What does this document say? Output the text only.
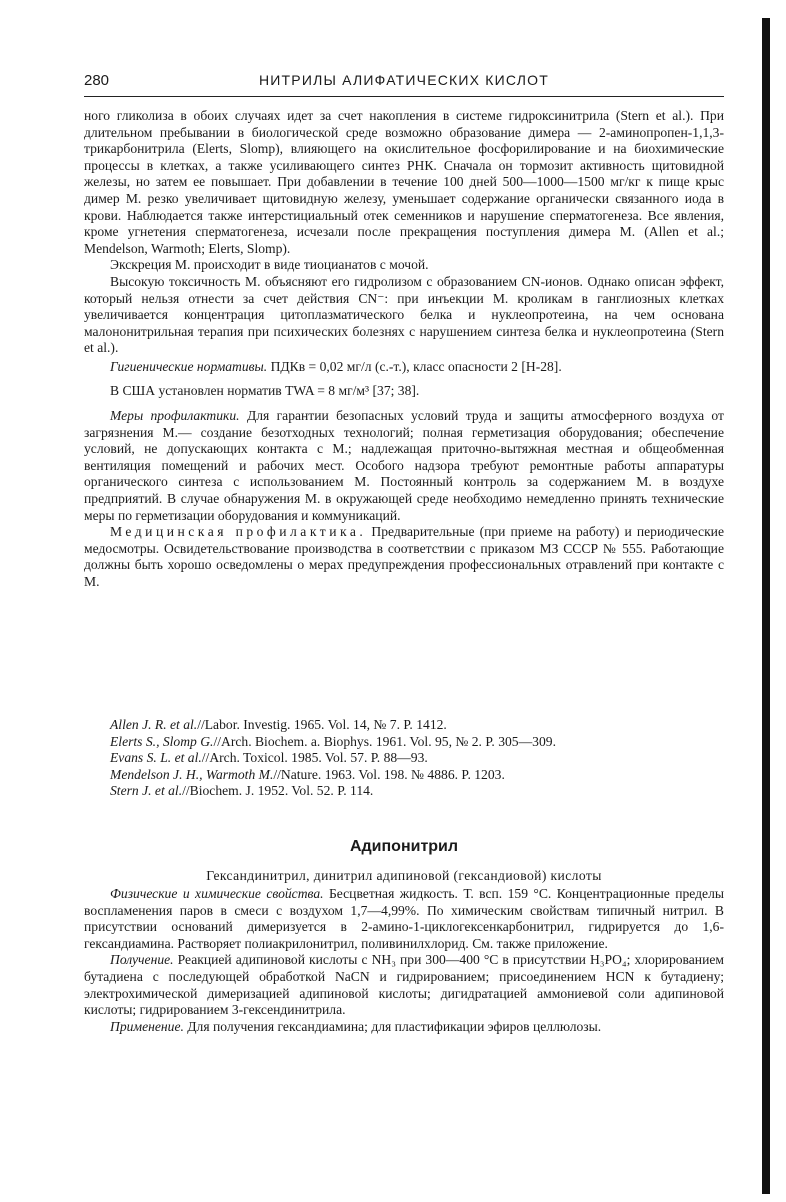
280	НИТРИЛЫ АЛИФАТИЧЕСКИХ КИСЛОТ

ного гликолиза в обоих случаях идет за счет накопления в системе гидроксинитрила (Stern et al.). При длительном пребывании в биологической среде возможно образование димера — 2-аминопропен-1,1,3-трикарбонитрила (Elerts, Slomp), влияющего на окислительное фосфорилирование и на биохимические процессы в клетках, а также усиливающего синтез РНК. Сначала он тормозит активность щитовидной железы, но затем ее повышает. При добавлении в течение 100 дней 500—1000—1500 мг/кг к пище крыс димер М. резко увеличивает щитовидную железу, уменьшает содержание органически связанного иода в крови. Наблюдается также интерстициальный отек семенников и нарушение сперматогенеза. Все явления, кроме угнетения сперматогенеза, исчезали после прекращения поступления димера М. (Allen et al.; Mendelson, Warmoth; Elerts, Slomp).

Экскреция М. происходит в виде тиоцианатов с мочой.

Высокую токсичность М. объясняют его гидролизом с образованием CN-ионов. Однако описан эффект, который нельзя отнести за счет действия CN⁻: при инъекции М. кроликам в ганглиозных клетках увеличивается концентрация цитоплазматического белка и нуклеопротеина, на чем основана малононитрильная терапия при психических болезнях с нарушением синтеза белка и нуклеопротеина (Stern et al.).

Гигиенические нормативы. ПДКв = 0,02 мг/л (с.-т.), класс опасности 2 [Н-28].

В США установлен норматив TWA = 8 мг/м³ [37; 38].

Меры профилактики. Для гарантии безопасных условий труда и защиты атмосферного воздуха от загрязнения М.— создание безотходных технологий; полная герметизация оборудования; обеспечение условий, не допускающих контакта с М.; надлежащая приточно-вытяжная местная и общеобменная вентиляция помещений и рабочих мест. Особого надзора требуют ремонтные работы аппаратуры органического синтеза с использованием М. Постоянный контроль за содержанием М. в воздухе предприятий. В случае обнаружения М. в окружающей среде необходимо немедленно принять технические меры по герметизации оборудования и коммуникаций.

Медицинская профилактика. Предварительные (при приеме на работу) и периодические медосмотры. Освидетельствование производства в соответствии с приказом МЗ СССР № 555. Работающие должны быть хорошо осведомлены о мерах предупреждения профессиональных отравлений при контакте с М.

Allen J. R. et al.//Labor. Investig. 1965. Vol. 14, № 7. P. 1412.
Elerts S., Slomp G.//Arch. Biochem. a. Biophys. 1961. Vol. 95, № 2. P. 305—309.
Evans S. L. et al.//Arch. Toxicol. 1985. Vol. 57. P. 88—93.
Mendelson J. H., Warmoth M.//Nature. 1963. Vol. 198. № 4886. P. 1203.
Stern J. et al.//Biochem. J. 1952. Vol. 52. P. 114.
Адипонитрил
Гександинитрил, динитрил адипиновой (гександиовой) кислоты

Физические и химические свойства. Бесцветная жидкость. Т. всп. 159 °С. Концентрационные пределы воспламенения паров в смеси с воздухом 1,7—4,99%. По химическим свойствам типичный нитрил. В присутствии оснований димеризуется в 2-амино-1-циклогексенкарбонитрил, гидрируется до 1,6-гександиамина. Растворяет полиакрилонитрил, поливинилхлорид. См. также приложение.

Получение. Реакцией адипиновой кислоты с NH₃ при 300—400 °С в присутствии H₃PO₄; хлорированием бутадиена с последующей обработкой NaCN и гидрированием; присоединением HCN к бутадиену; электрохимической димеризацией адипиновой кислоты; дигидратацией аммониевой соли адипиновой кислоты; гидрированием 3-гексендинитрила.

Применение. Для получения гександиамина; для пластификации эфиров целлюлозы.
